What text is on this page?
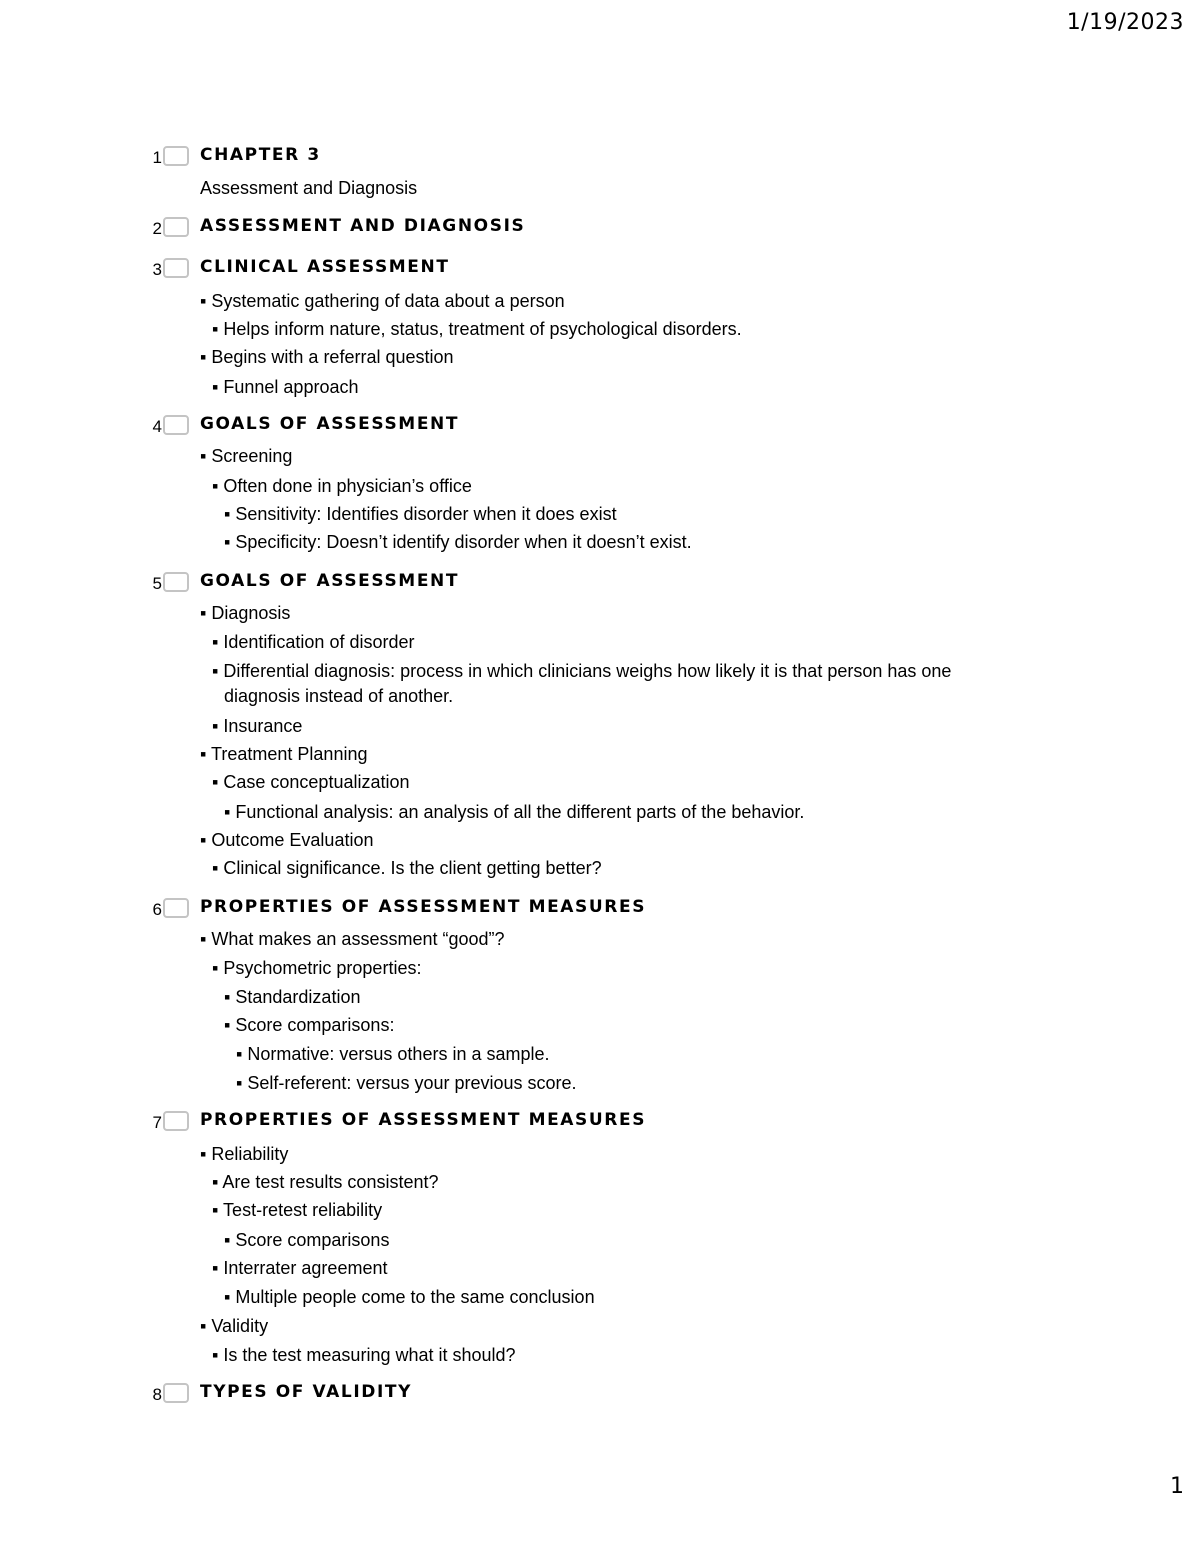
1/19/2023
1 CHAPTER 3
Assessment and Diagnosis
2 ASSESSMENT AND DIAGNOSIS
3 CLINICAL ASSESSMENT
▪ Systematic gathering of data about a person
▪ Helps inform nature, status, treatment of psychological disorders.
▪ Begins with a referral question
▪ Funnel approach
4 GOALS OF ASSESSMENT
▪ Screening
▪ Often done in physician’s office
▪ Sensitivity: Identifies disorder when it does exist
▪ Specificity: Doesn’t identify disorder when it doesn’t exist.
5 GOALS OF ASSESSMENT
▪ Diagnosis
▪ Identification of disorder
▪ Differential diagnosis: process in which clinicians weighs how likely it is that person has one
diagnosis instead of another.
▪ Insurance
▪ Treatment Planning
▪ Case conceptualization
▪ Functional analysis: an analysis of all the different parts of the behavior.
▪ Outcome Evaluation
▪ Clinical significance. Is the client getting better?
6 PROPERTIES OF ASSESSMENT MEASURES
▪ What makes an assessment “good”?
▪ Psychometric properties:
▪ Standardization
▪ Score comparisons:
▪ Normative: versus others in a sample.
▪ Self-referent: versus your previous score.
7 PROPERTIES OF ASSESSMENT MEASURES
▪ Reliability
▪ Are test results consistent?
▪ Test-retest reliability
▪ Score comparisons
▪ Interrater agreement
▪ Multiple people come to the same conclusion
▪ Validity
▪ Is the test measuring what it should?
8 TYPES OF VALIDITY
1
